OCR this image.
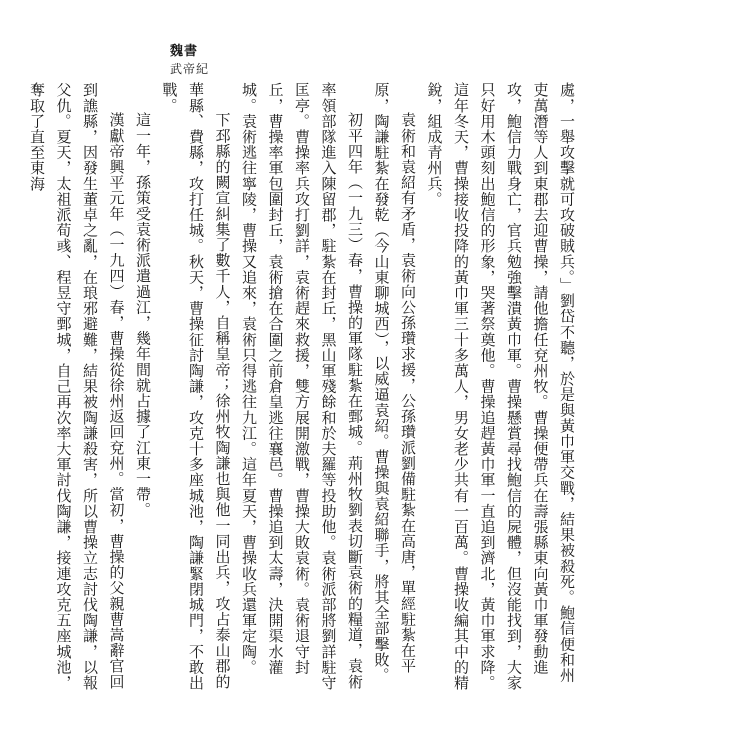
魏書
武帝紀

處，一舉攻擊就可攻破賊兵。」劉岱不聽，於是與黃巾軍交戰，結果被殺死。鮑信便和州吏萬潛等人到東郡去迎曹操，請他擔任兗州牧。曹操便帶兵在壽張縣東向黃巾軍發動進攻，鮑信力戰身亡，官兵勉強擊潰黃巾軍。曹操懸賞尋找鮑信的屍體，但沒能找到，大家只好用木頭刻出鮑信的形象，哭著祭奠他。曹操追趕黃巾軍一直追到濟北，黃巾軍求降。這年冬天，曹操接收投降的黃巾軍三十多萬人，男女老少共有一百萬。曹操收編其中的精銳，組成青州兵。

袁術和袁紹有矛盾，袁術向公孫瓚求援，公孫瓚派劉備駐紮在高唐，單經駐紮在平原，陶謙駐紮在發乾（今山東聊城西），以威逼袁紹。曹操與袁紹聯手，將其全部擊敗。

初平四年（一九三）春，曹操的軍隊駐紮在鄄城。荊州牧劉表切斷袁術的糧道，袁術率領部隊進入陳留郡，駐紮在封丘，黑山軍殘餘和於夫羅等投助他。袁術派部將劉詳駐守匡亭。曹操率兵攻打劉詳，袁術趕來救援，雙方展開激戰，曹操大敗袁術。袁術退守封丘，曹操率軍包圍封丘，袁術搶在合圍之前倉皇逃往襄邑。曹操追到太壽，決開渠水灌城。袁術逃往寧陵，曹操又追來，袁術只得逃往九江。這年夏天，曹操收兵還軍定陶。

下邳縣的闕宣糾集了數千人，自稱皇帝；徐州牧陶謙也與他一同出兵，攻占泰山郡的華縣、費縣，攻打任城。秋天，曹操征討陶謙，攻克十多座城池，陶謙緊閉城門，不敢出戰。

這一年，孫策受袁術派遣過江，幾年間就占據了江東一帶。

漢獻帝興平元年（一九四）春，曹操從徐州返回兗州。當初，曹操的父親曹嵩辭官回到譙縣，因發生董卓之亂，在琅邪避難，結果被陶謙殺害，所以曹操立志討伐陶謙，以報父仇。夏天，太祖派荀彧、程昱守鄄城，自己再次率大軍討伐陶謙，接連攻克五座城池，奪取了直至東海
